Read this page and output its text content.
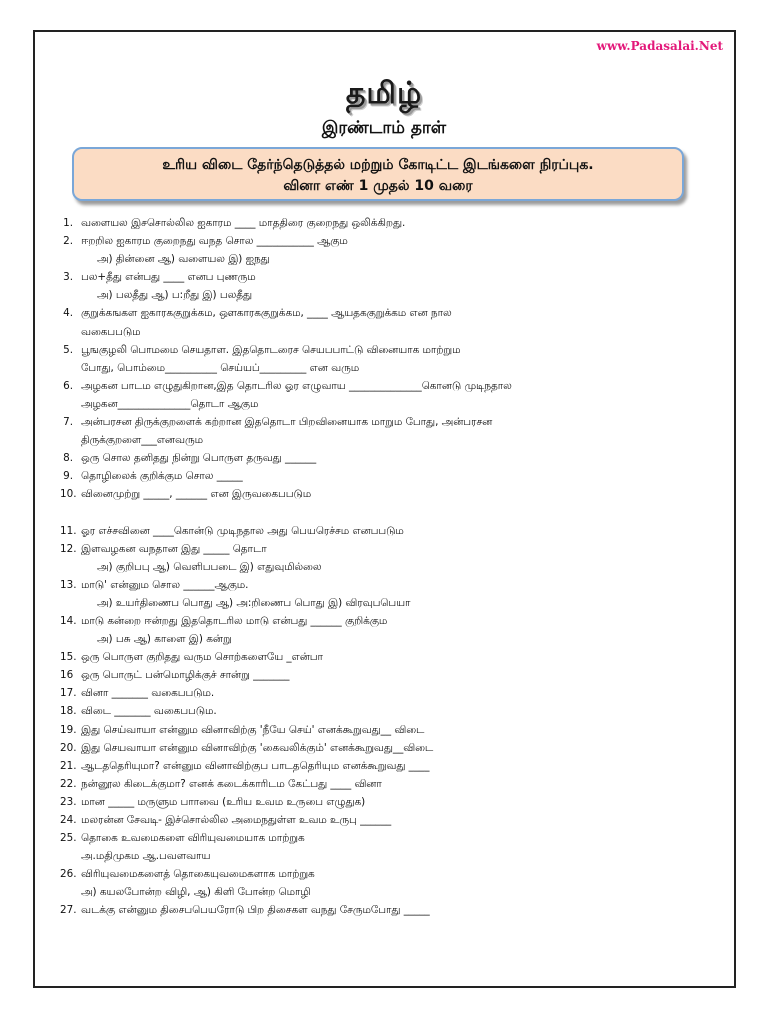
www.Padasalai.Net
தமிழ்
இரண்டாம் தாள்
உரிய விடை தேர்ந்தெடுத்தல் மற்றும் கோடிட்ட இடங்களை நிரப்புக.
வினா எண் 1 முதல் 10 வரை
1. வளையல இசசொல்லில ஐகாரம ____ மாததிரை குறைநது ஒலிக்கிறது.
2. ஈறறில ஐகாரம குறைநது வநத சொல ___________ ஆகும
அ) தின்னை ஆ) வளையல இ) ஐநது
3. பல+தீது என்பது ____ எனப புணரும
அ) பலதீது ஆ) ப:றீது இ) பலதீது
4. குறுக்கஙகள ஐகாரககுறுக்கம, ஔகாரககுறுக்கம, ____ ஆயதககுறுக்கம என நால
வகைபபடும
5. பூஙகுழலி பொமமை செயதாள. இததொடரைச செயபபாட்டு வினையாக மாற்றும
போது, பொம்மை__________ செய்யப்_________ என வரும
6. அழகன பாடம எழுதுகிறான,இத தொடரில ஓர எழுவாய ______________கொனடு முடிநதால
அழகன______________தொடா ஆகும
7. அன்பரசன திருக்குறளைக் கற்றான இததொடா பிறவினையாக மாறும போது, அன்பரசன
திருக்குறளை___எனவரும
8. ஒரு சொல தனிதது நின்று பொருள தருவது ______
9. தொழிலைக் குறிக்கும சொல _____
10. வினைமுற்று _____, ______ என இருவகைபபடும
11. ஓர எச்சவினை ____கொன்டு முடிநதால அது பெயரெச்சம எனபபடும
12. இளவழகன வநதான இது _____ தொடா
அ) குறிபபு ஆ) வெளிபபடை இ) எதுவுமில்லை
13. மாடு' என்னும சொல ______ஆகும.
அ) உயர்திணைப பொது ஆ) அ:றிணைப பொது இ) விரவுபபெயா
14. மாடு கன்றை ஈன்றது இததொடரில மாடு என்பது ______ குறிக்கும
அ) பசு ஆ) காளை இ) கன்று
15. ஒரு பொருள குறிதது வரும சொற்களையே _என்பா
16 ஒரு பொருட் பன்மொழிக்குச் சான்று _______
17. வினா _______ வகைபபடும.
18. விடை _______ வகைபபடும.
19. இது செய்வாயா என்னும வினாவிற்கு 'நீயே செய்' எனக்கூறுவது__ விடை
20. இது செயவாயா என்னும வினாவிற்கு 'கைவலிக்கும்' எனக்கூறுவது__விடை
21. ஆடததெரியுமா? என்னும வினாவிற்குப பாடததெரியும எனக்கூறுவது ____
22. நன்னூல கிடைக்குமா? எனக் கடைக்காரிடம கேட்பது ____ வினா
23. மான _____ மருளும பாாவை (உரிய உவம உருபை எழுதுக)
24. மலரன்ன சேவடி- இச்சொல்லில அமைநதுள்ள உவம உருபு ______
25. தொகை உவமைகளை விரியுவமையாக மாற்றுக
அ.மதிமுகம ஆ.பவளவாய
26. விரியுவமைகளைத் தொகையுவமைகளாக மாற்றுக
அ) கயலபோன்ற விழி, ஆ) கிளி போன்ற மொழி
27. வடக்கு என்னும திசைபபெயரோடு பிற திசைகள வநது சேருமபோது _____
